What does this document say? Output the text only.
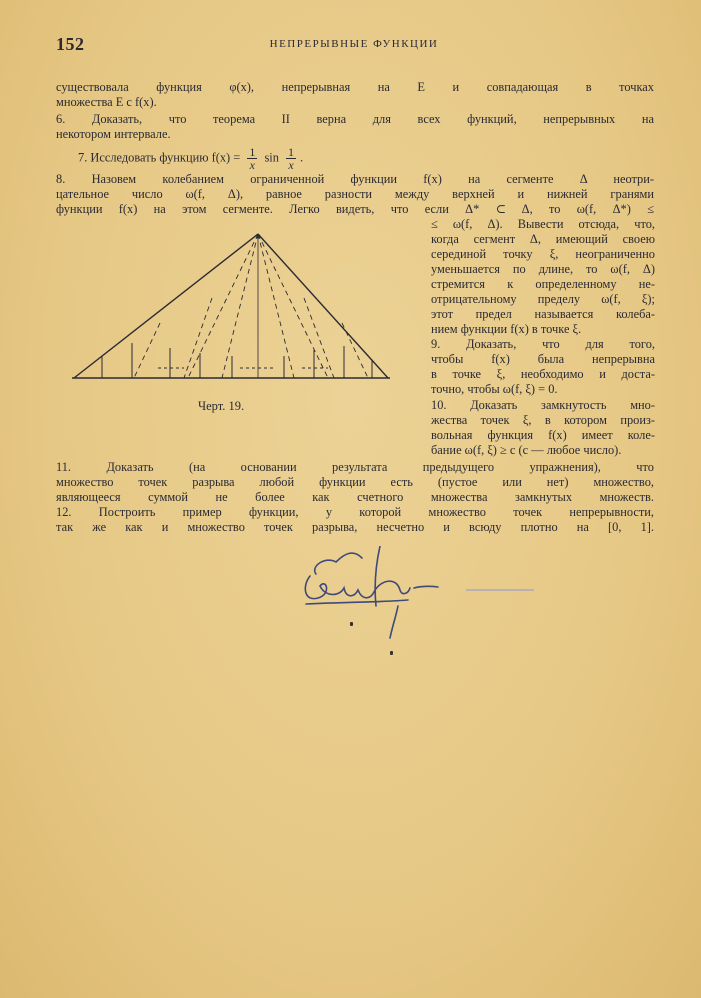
152	НЕПРЕРЫВНЫЕ ФУНКЦИИ
существовала функция φ(x), непрерывная на E и совпадающая в точках
множества E с f(x).
6. Доказать, что теорема II верна для всех функций, непрерывных на
некотором интервале.
7. Исследовать функцию $f(x) = \frac{1}{x}$ $\sin \frac{1}{x}$ .
8. Назовем колебанием ограниченной функции f(x) на сегменте Δ неотри-
цательное число ω(f, Δ), равное разности между верхней и нижней гранями
функции f(x) на этом сегменте. Легко видеть, что если Δ* ⊂ Δ, то ω(f, Δ*) ≤
≤ ω(f, Δ). Вывести отсюда, что,
когда сегмент Δ, имеющий своею
серединой точку ξ, неограниченно
уменьшается по длине, то ω(f, Δ)
стремится к определенному не-
отрицательному пределу ω(f, ξ);
этот предел называется колеба-
нием функции f(x) в точке ξ.
9. Доказать, что для того,
чтобы f(x) была непрерывна
в точке ξ, необходимо и доста-
точно, чтобы ω(f, ξ) = 0.
10. Доказать замкнутость мно-
жества точек ξ, в котором произ-
вольная функция f(x) имеет коле-
бание ω(f, ξ) ≥ c (c — любое число).
Черт. 19.
11. Доказать (на основании результата предыдущего упражнения), что
множество точек разрыва любой функции есть (пустое или нет) множество,
являющееся суммой не более как счетного множества замкнутых множеств.
12. Построить пример функции, у которой множество точек непрерывности,
так же как и множество точек разрыва, несчетно и всюду плотно на [0, 1].
